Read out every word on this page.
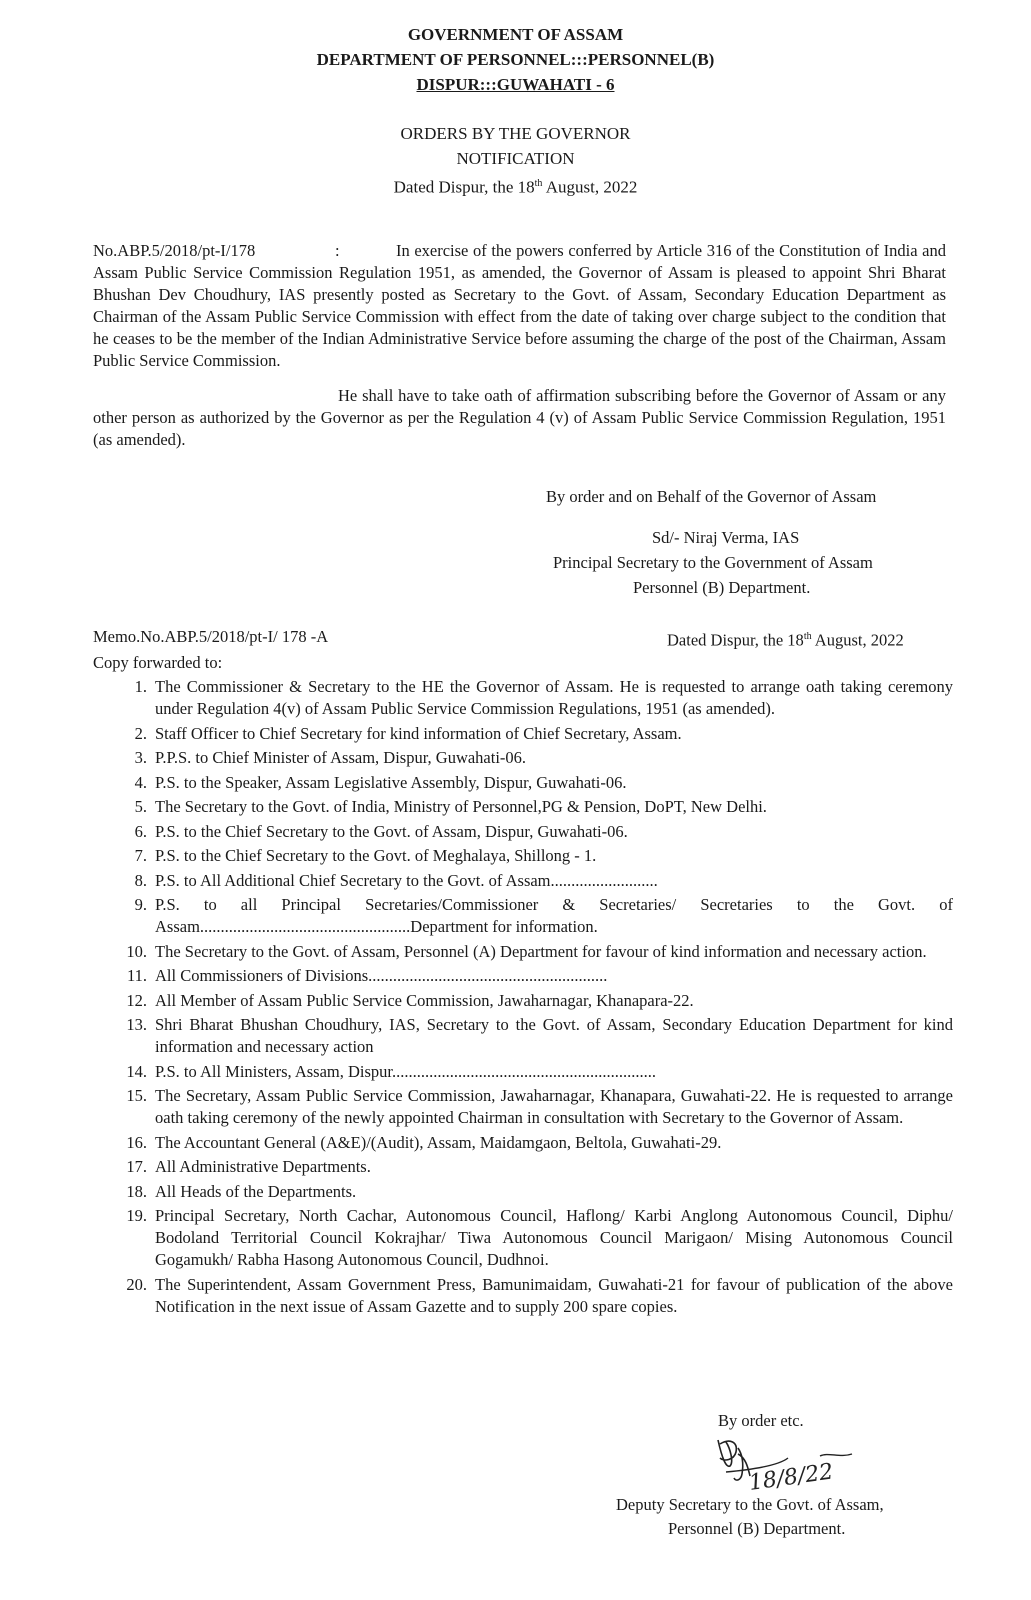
GOVERNMENT OF ASSAM
DEPARTMENT OF PERSONNEL:::PERSONNEL(B)
DISPUR:::GUWAHATI - 6
ORDERS BY THE GOVERNOR
NOTIFICATION
Dated Dispur, the 18th August, 2022
No.ABP.5/2018/pt-I/178	:	In exercise of the powers conferred by Article 316 of the Constitution of India and Assam Public Service Commission Regulation 1951, as amended, the Governor of Assam is pleased to appoint Shri Bharat Bhushan Dev Choudhury, IAS presently posted as Secretary to the Govt. of Assam, Secondary Education Department as Chairman of the Assam Public Service Commission with effect from the date of taking over charge subject to the condition that he ceases to be the member of the Indian Administrative Service before assuming the charge of the post of the Chairman, Assam Public Service Commission.
He shall have to take oath of affirmation subscribing before the Governor of Assam or any other person as authorized by the Governor as per the Regulation 4 (v) of Assam Public Service Commission Regulation, 1951 (as amended).
By order and on Behalf of the Governor of Assam
Sd/- Niraj Verma, IAS
Principal Secretary to the Government of Assam
Personnel (B) Department.
Memo.No.ABP.5/2018/pt-I/ 178 -A	Dated Dispur, the 18th August, 2022
Copy forwarded to:
1. The Commissioner & Secretary to the HE the Governor of Assam. He is requested to arrange oath taking ceremony under Regulation 4(v) of Assam Public Service Commission Regulations, 1951 (as amended).
2. Staff Officer to Chief Secretary for kind information of Chief Secretary, Assam.
3. P.P.S. to Chief Minister of Assam, Dispur, Guwahati-06.
4. P.S. to the Speaker, Assam Legislative Assembly, Dispur, Guwahati-06.
5. The Secretary to the Govt. of India, Ministry of Personnel,PG & Pension, DoPT, New Delhi.
6. P.S. to the Chief Secretary to the Govt. of Assam, Dispur, Guwahati-06.
7. P.S. to the Chief Secretary to the Govt. of Meghalaya, Shillong - 1.
8. P.S. to All Additional Chief Secretary to the Govt. of Assam..........................
9. P.S. to all Principal Secretaries/Commissioner & Secretaries/ Secretaries to the Govt. of Assam...................................................Department for information.
10. The Secretary to the Govt. of Assam, Personnel (A) Department for favour of kind information and necessary action.
11. All Commissioners of Divisions..........................................................
12. All Member of Assam Public Service Commission, Jawaharnagar, Khanapara-22.
13. Shri Bharat Bhushan Choudhury, IAS, Secretary to the Govt. of Assam, Secondary Education Department for kind information and necessary action
14. P.S. to All Ministers, Assam, Dispur................................................................
15. The Secretary, Assam Public Service Commission, Jawaharnagar, Khanapara, Guwahati-22. He is requested to arrange oath taking ceremony of the newly appointed Chairman in consultation with Secretary to the Governor of Assam.
16. The Accountant General (A&E)/(Audit), Assam, Maidamgaon, Beltola, Guwahati-29.
17. All Administrative Departments.
18. All Heads of the Departments.
19. Principal Secretary, North Cachar, Autonomous Council, Haflong/ Karbi Anglong Autonomous Council, Diphu/ Bodoland Territorial Council Kokrajhar/ Tiwa Autonomous Council Marigaon/ Mising Autonomous Council Gogamukh/ Rabha Hasong Autonomous Council, Dudhnoi.
20. The Superintendent, Assam Government Press, Bamunimaidam, Guwahati-21 for favour of publication of the above Notification in the next issue of Assam Gazette and to supply 200 spare copies.
By order etc.
18/8/22
Deputy Secretary to the Govt. of Assam,
Personnel (B) Department.
